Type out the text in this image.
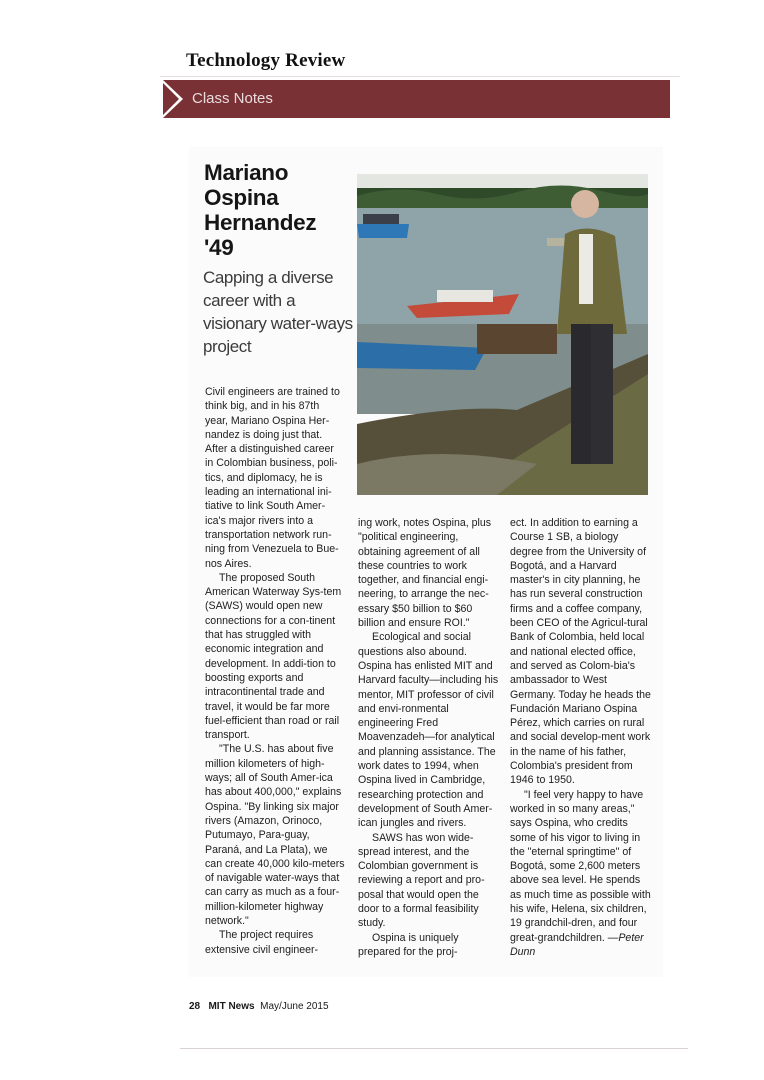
Technology Review
Class Notes
Mariano Ospina Hernandez '49
Capping a diverse career with a visionary water-ways project

Civil engineers are trained to think big, and in his 87th year, Mariano Ospina Her-nandez is doing just that. After a distinguished career in Colombian business, poli-tics, and diplomacy, he is leading an international ini-tiative to link South Amer-ica's major rivers into a transportation network run-ning from Venezuela to Bue-nos Aires.

The proposed South American Waterway Sys-tem (SAWS) would open new connections for a con-tinent that has struggled with economic integration and development. In addi-tion to boosting exports and intracontinental trade and travel, it would be far more fuel-efficient than road or rail transport.

"The U.S. has about five million kilometers of high-ways; all of South Amer-ica has about 400,000," explains Ospina. "By linking six major rivers (Amazon, Orinoco, Putumayo, Para-guay, Paraná, and La Plata), we can create 40,000 kilo-meters of navigable water-ways that can carry as much as a four-million-kilometer highway network."

The project requires extensive civil engineer-

ing work, notes Ospina, plus "political engineering, obtaining agreement of all these countries to work together, and financial engi-neering, to arrange the nec-essary $50 billion to $60 billion and ensure ROI."

Ecological and social questions also abound. Ospina has enlisted MIT and Harvard faculty—including his mentor, MIT professor of civil and envi-ronmental engineering Fred Moavenzadeh—for analytical and planning assistance. The work dates to 1994, when Ospina lived in Cambridge, researching protection and development of South Amer-ican jungles and rivers.

SAWS has won wide-spread interest, and the Colombian government is reviewing a report and pro-posal that would open the door to a formal feasibility study.

Ospina is uniquely prepared for the proj-

ect. In addition to earning a Course 1 SB, a biology degree from the University of Bogotá, and a Harvard master's in city planning, he has run several construction firms and a coffee company, been CEO of the Agricul-tural Bank of Colombia, held local and national elected office, and served as Colom-bia's ambassador to West Germany. Today he heads the Fundación Mariano Ospina Pérez, which carries on rural and social develop-ment work in the name of his father, Colombia's president from 1946 to 1950.

"I feel very happy to have worked in so many areas," says Ospina, who credits some of his vigor to living in the "eternal springtime" of Bogotá, some 2,600 meters above sea level. He spends as much time as possible with his wife, Helena, six children, 19 grandchil-dren, and four great-grandchildren. —Peter Dunn

28 MIT News May/June 2015
